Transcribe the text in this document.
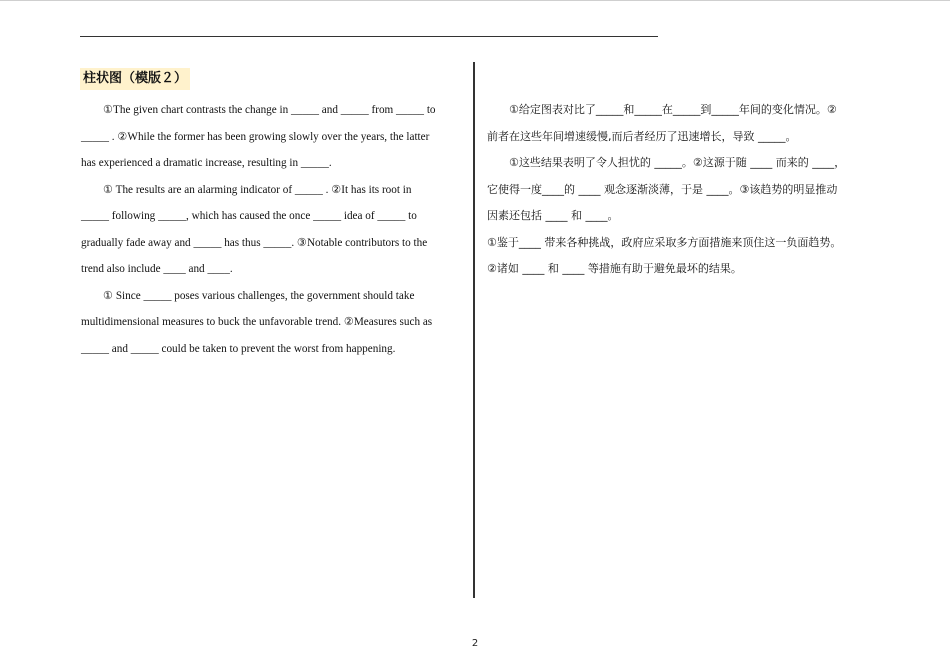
柱状图（模版２）
①The given chart contrasts the change in _____ and _____ from _____ to
_____ . ②While the former has been growing slowly over the years, the latter
has experienced a dramatic increase, resulting in _____.
① The results are an alarming indicator of _____ . ②It has its root in
_____ following _____, which has caused the once _____ idea of _____ to
gradually fade away and _____ has thus _____. ③Notable contributors to the
trend also include ____ and ____.
① Since _____ poses various challenges, the government should take
multidimensional measures to buck the unfavorable trend. ②Measures such as
_____ and _____ could be taken to prevent the worst from happening.
①给定图表对比了_____和_____在_____到_____年间的变化情况。②
前者在这些年间增速缓慢,而后者经历了迅速增长，导致 _____。
①这些结果表明了令人担忧的 _____。②这源于随 ____ 而来的 ____，
它使得一度____的 ____ 观念逐渐淡薄，于是 ____。③该趋势的明显推动
因素还包括 ____ 和 ____。
①鉴于____ 带来各种挑战，政府应采取多方面措施来顶住这一负面趋势。
②诸如 ____ 和 ____ 等措施有助于避免最坏的结果。
2
